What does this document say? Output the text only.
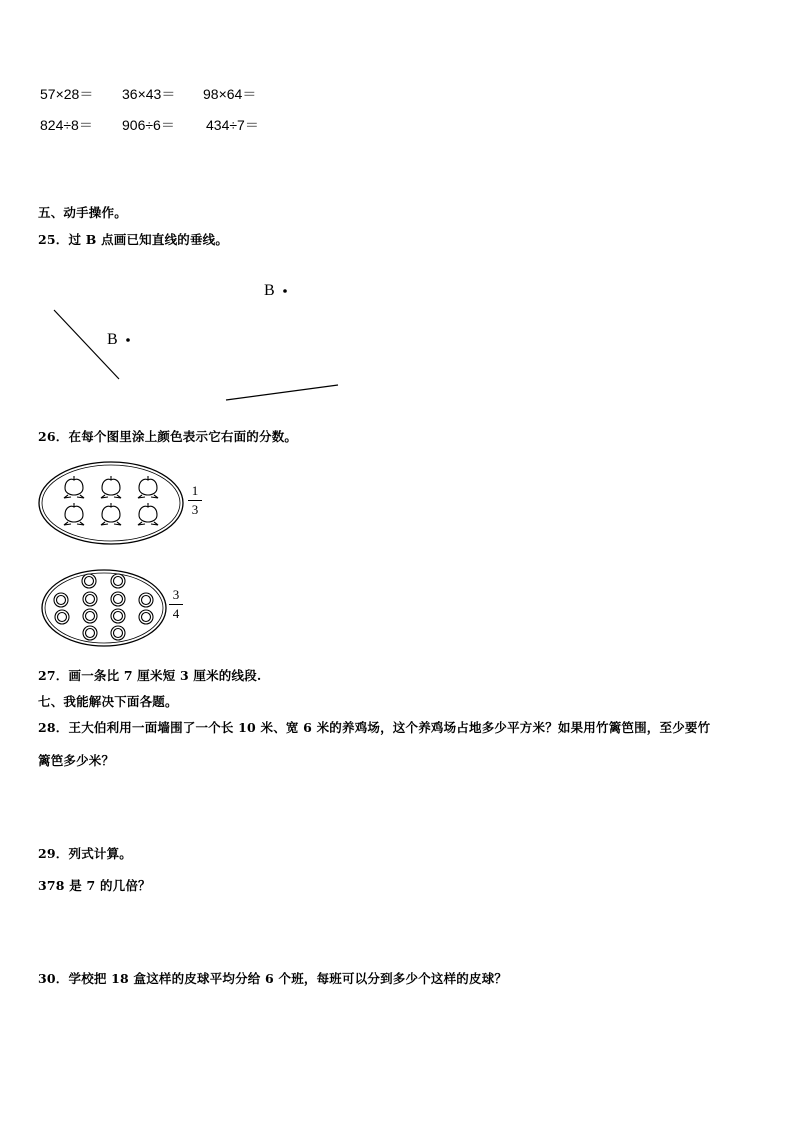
57×28＝ 36×43＝ 98×64＝
824÷8＝ 906÷6＝ 434÷7＝
五、动手操作。
25．过 B 点画已知直线的垂线。
B
B
26．在每个图里涂上颜色表示它右面的分数。
1
3
3
4
27．画一条比 7 厘米短 3 厘米的线段.
七、我能解决下面各题。
28．王大伯利用一面墙围了一个长 10 米、宽 6 米的养鸡场，这个养鸡场占地多少平方米？如果用竹篱笆围，至少要竹
篱笆多少米？
29．列式计算。
378 是 7 的几倍？
30．学校把 18 盒这样的皮球平均分给 6 个班，每班可以分到多少个这样的皮球？
